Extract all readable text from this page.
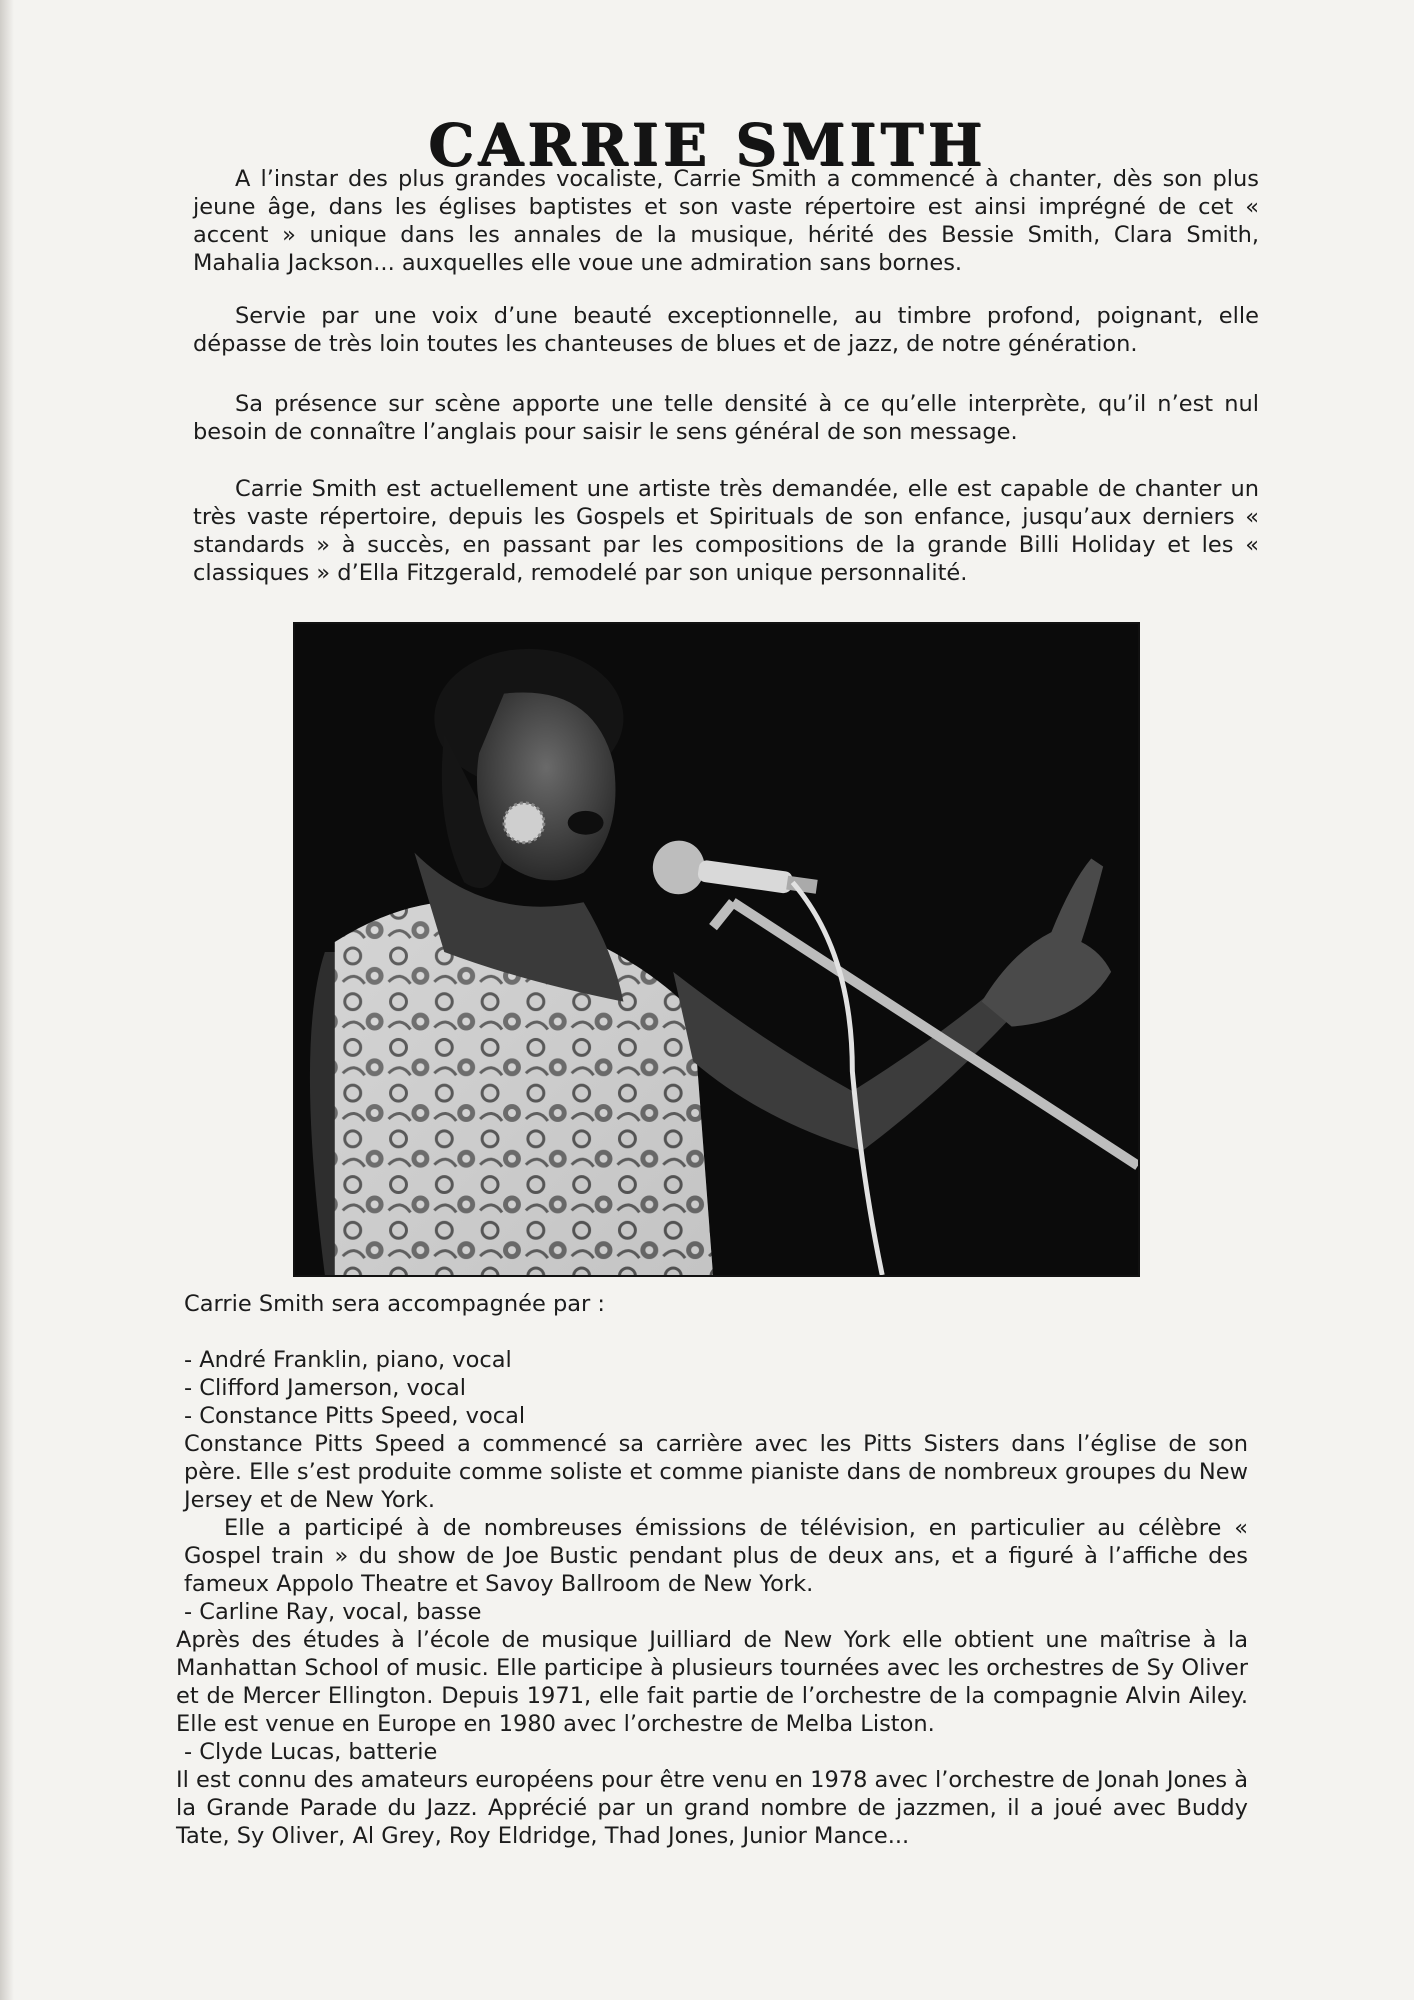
CARRIE SMITH

A l’instar des plus grandes vocaliste, Carrie Smith a commencé à chanter, dès son plus jeune âge, dans les églises baptistes et son vaste répertoire est ainsi imprégné de cet « accent » unique dans les annales de la musique, hérité des Bessie Smith, Clara Smith, Mahalia Jackson... auxquelles elle voue une admiration sans bornes.

Servie par une voix d’une beauté exceptionnelle, au timbre profond, poignant, elle dépasse de très loin toutes les chanteuses de blues et de jazz, de notre génération.

Sa présence sur scène apporte une telle densité à ce qu’elle interprète, qu’il n’est nul besoin de connaître l’anglais pour saisir le sens général de son message.

Carrie Smith est actuellement une artiste très demandée, elle est capable de chanter un très vaste répertoire, depuis les Gospels et Spirituals de son enfance, jusqu’aux derniers « standards » à succès, en passant par les compositions de la grande Billi Holiday et les « classiques » d’Ella Fitzgerald, remodelé par son unique personnalité.

Carrie Smith sera accompagnée par :

- André Franklin, piano, vocal

- Clifford Jamerson, vocal

- Constance Pitts Speed, vocal

Constance Pitts Speed a commencé sa carrière avec les Pitts Sisters dans l’église de son père. Elle s’est produite comme soliste et comme pianiste dans de nombreux groupes du New Jersey et de New York.

Elle a participé à de nombreuses émissions de télévision, en particulier au célèbre « Gospel train » du show de Joe Bustic pendant plus de deux ans, et a figuré à l’affiche des fameux Appolo Theatre et Savoy Ballroom de New York.

- Carline Ray, vocal, basse

Après des études à l’école de musique Juilliard de New York elle obtient une maîtrise à la Manhattan School of music. Elle participe à plusieurs tournées avec les orchestres de Sy Oliver et de Mercer Ellington. Depuis 1971, elle fait partie de l’orchestre de la compagnie Alvin Ailey. Elle est venue en Europe en 1980 avec l’orchestre de Melba Liston.

- Clyde Lucas, batterie

Il est connu des amateurs européens pour être venu en 1978 avec l’orchestre de Jonah Jones à la Grande Parade du Jazz. Apprécié par un grand nombre de jazzmen, il a joué avec Buddy Tate, Sy Oliver, Al Grey, Roy Eldridge, Thad Jones, Junior Mance...
